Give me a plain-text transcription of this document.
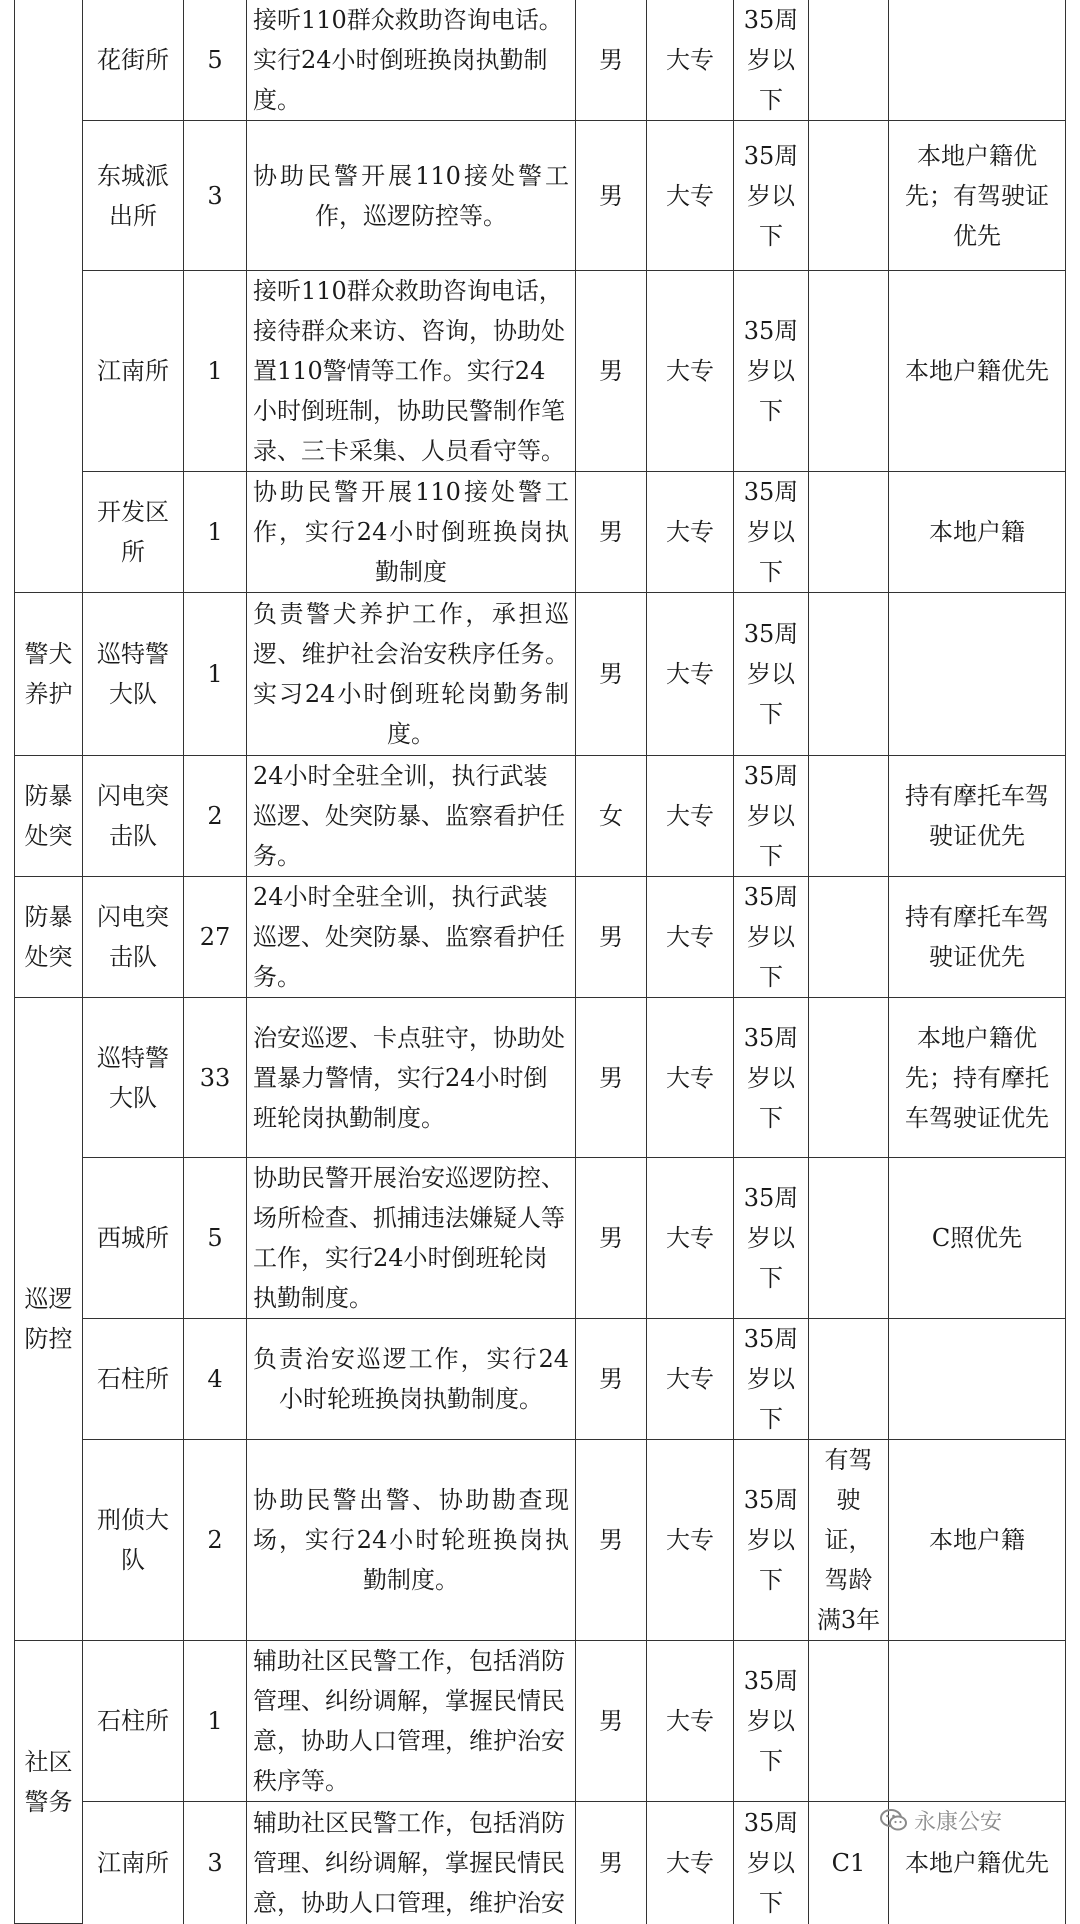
	花街所	5	接听110群众救助咨询电话。实行24小时倒班换岗执勤制度。	男	大专	35周岁以下		
	东城派出所	3	协助民警开展110接处警工作，巡逻防控等。	男	大专	35周岁以下		本地户籍优先；有驾驶证优先
	江南所	1	接听110群众救助咨询电话，接待群众来访、咨询，协助处置110警情等工作。实行24小时倒班制，协助民警制作笔录、三卡采集、人员看守等。	男	大专	35周岁以下		本地户籍优先
	开发区所	1	协助民警开展110接处警工作，实行24小时倒班换岗执勤制度	男	大专	35周岁以下		本地户籍
警犬养护	巡特警大队	1	负责警犬养护工作，承担巡逻、维护社会治安秩序任务。实习24小时倒班轮岗勤务制度。	男	大专	35周岁以下		
防暴处突	闪电突击队	2	24小时全驻全训，执行武装巡逻、处突防暴、监察看护任务。	女	大专	35周岁以下		持有摩托车驾驶证优先
防暴处突	闪电突击队	27	24小时全驻全训，执行武装巡逻、处突防暴、监察看护任务。	男	大专	35周岁以下		持有摩托车驾驶证优先
巡逻防控	巡特警大队	33	治安巡逻、卡点驻守，协助处置暴力警情，实行24小时倒班轮岗执勤制度。	男	大专	35周岁以下		本地户籍优先；持有摩托车驾驶证优先
	西城所	5	协助民警开展治安巡逻防控、场所检查、抓捕违法嫌疑人等工作，实行24小时倒班轮岗执勤制度。	男	大专	35周岁以下		C照优先
	石柱所	4	负责治安巡逻工作，实行24小时轮班换岗执勤制度。	男	大专	35周岁以下		
	刑侦大队	2	协助民警出警、协助勘查现场，实行24小时轮班换岗执勤制度。	男	大专	35周岁以下	有驾驶证，驾龄满3年	本地户籍
社区警务	石柱所	1	辅助社区民警工作，包括消防管理、纠纷调解，掌握民情民意，协助人口管理，维护治安秩序等。	男	大专	35周岁以下		
	江南所	3	辅助社区民警工作，包括消防管理、纠纷调解，掌握民情民意，协助人口管理，维护治安	男	大专	35周岁以下	C1	本地户籍优先
永康公安
